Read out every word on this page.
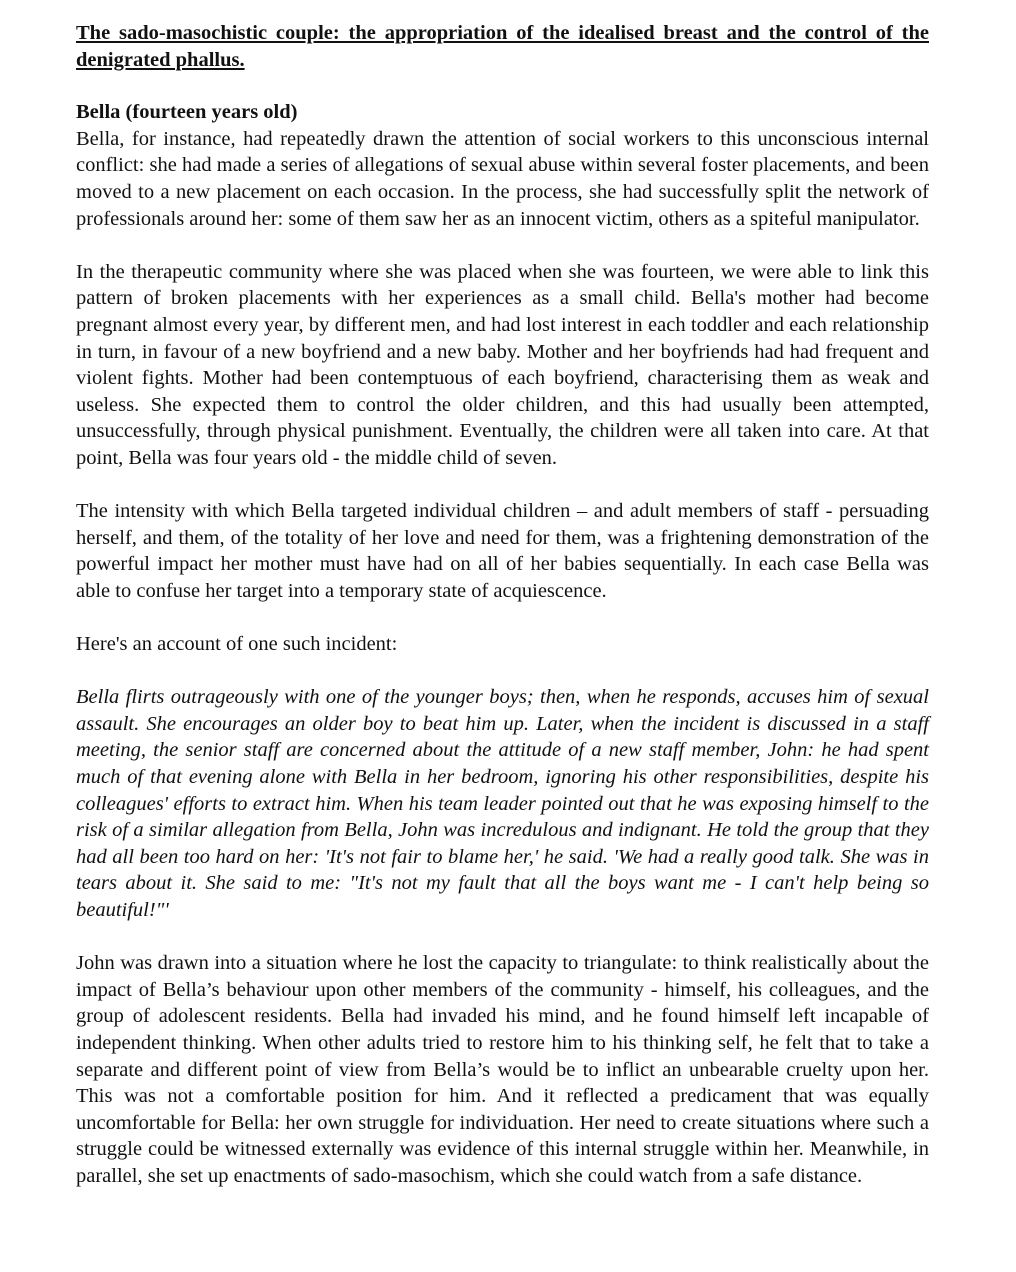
The sado-masochistic couple: the appropriation of the idealised breast and the control of the denigrated phallus.
Bella (fourteen years old)

Bella, for instance, had repeatedly drawn the attention of social workers to this unconscious internal conflict: she had made a series of allegations of sexual abuse within several foster placements, and been moved to a new placement on each occasion. In the process, she had successfully split the network of professionals around her: some of them saw her as an innocent victim, others as a spiteful manipulator.

In the therapeutic community where she was placed when she was fourteen, we were able to link this pattern of broken placements with her experiences as a small child. Bella's mother had become pregnant almost every year, by different men, and had lost interest in each toddler and each relationship in turn, in favour of a new boyfriend and a new baby. Mother and her boyfriends had had frequent and violent fights. Mother had been contemptuous of each boyfriend, characterising them as weak and useless. She expected them to control the older children, and this had usually been attempted, unsuccessfully, through physical punishment. Eventually, the children were all taken into care. At that point, Bella was four years old - the middle child of seven.

The intensity with which Bella targeted individual children – and adult members of staff - persuading herself, and them, of the totality of her love and need for them, was a frightening demonstration of the powerful impact her mother must have had on all of her babies sequentially. In each case Bella was able to confuse her target into a temporary state of acquiescence.

Here's an account of one such incident:

Bella flirts outrageously with one of the younger boys; then, when he responds, accuses him of sexual assault. She encourages an older boy to beat him up. Later, when the incident is discussed in a staff meeting, the senior staff are concerned about the attitude of a new staff member, John: he had spent much of that evening alone with Bella in her bedroom, ignoring his other responsibilities, despite his colleagues' efforts to extract him. When his team leader pointed out that he was exposing himself to the risk of a similar allegation from Bella, John was incredulous and indignant. He told the group that they had all been too hard on her: 'It's not fair to blame her,' he said. 'We had a really good talk. She was in tears about it. She said to me: "It's not my fault that all the boys want me - I can't help being so beautiful!"'

John was drawn into a situation where he lost the capacity to triangulate: to think realistically about the impact of Bella’s behaviour upon other members of the community - himself, his colleagues, and the group of adolescent residents. Bella had invaded his mind, and he found himself left incapable of independent thinking. When other adults tried to restore him to his thinking self, he felt that to take a separate and different point of view from Bella’s would be to inflict an unbearable cruelty upon her. This was not a comfortable position for him. And it reflected a predicament that was equally uncomfortable for Bella: her own struggle for individuation. Her need to create situations where such a struggle could be witnessed externally was evidence of this internal struggle within her. Meanwhile, in parallel, she set up enactments of sado-masochism, which she could watch from a safe distance.
